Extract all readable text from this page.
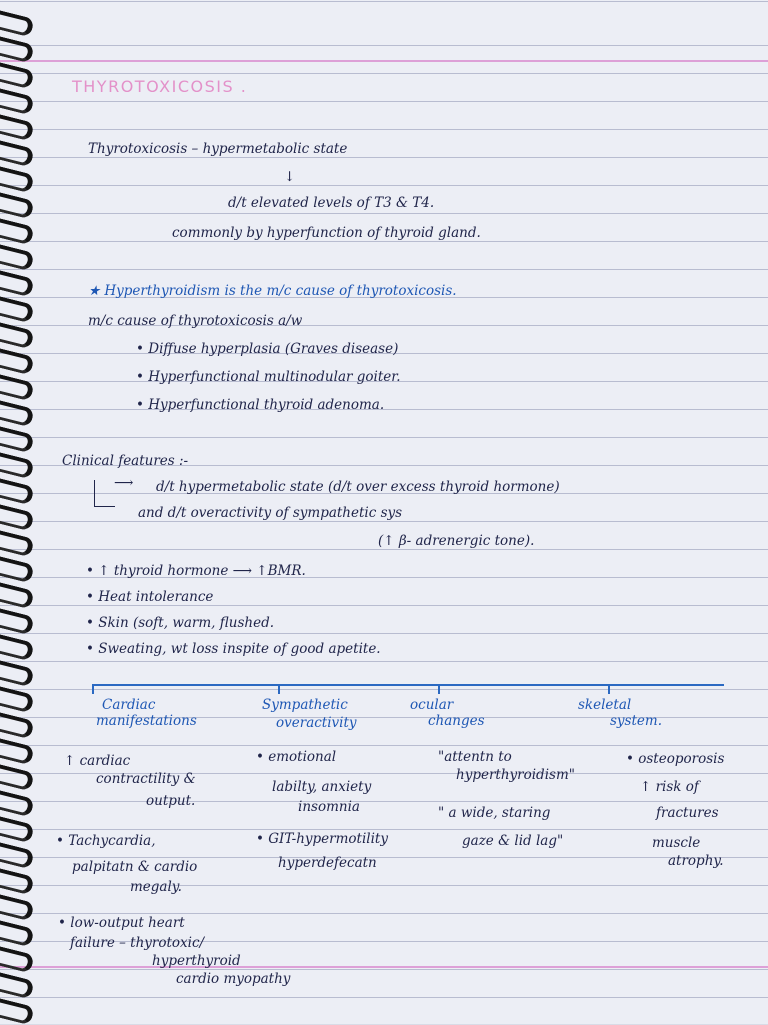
THYROTOXICOSIS .

Thyrotoxicosis – hypermetabolic state

↓

d/t elevated levels of T3 & T4.

commonly by hyperfunction of thyroid gland.

★ Hyperthyroidism is the m/c cause of thyrotoxicosis.

m/c cause of thyrotoxicosis a/w

• Diffuse hyperplasia (Graves disease)

• Hyperfunctional multinodular goiter.

• Hyperfunctional thyroid adenoma.

Clinical features :-

⟶ d/t hypermetabolic state (d/t over excess thyroid hormone)

and d/t overactivity of sympathetic sys

(↑ β- adrenergic tone).

• ↑ thyroid hormone ⟶ ↑BMR.

• Heat intolerance

• Skin (soft, warm, flushed.

• Sweating, wt loss inspite of good apetite.

Cardiac

manifestations

↑ cardiac

contractility &

output.

• Tachycardia,

palpitatn & cardio

megaly.

• low-output heart

failure – thyrotoxic/

hyperthyroid

cardio myopathy

Sympathetic

overactivity

• emotional

labilty, anxiety

insomnia

• GIT-hypermotility

hyperdefecatn

ocular

changes

"attentn to

hyperthyroidism"

" a wide, staring

gaze & lid lag"

skeletal

system.

• osteoporosis

↑ risk of

fractures

muscle

atrophy.
